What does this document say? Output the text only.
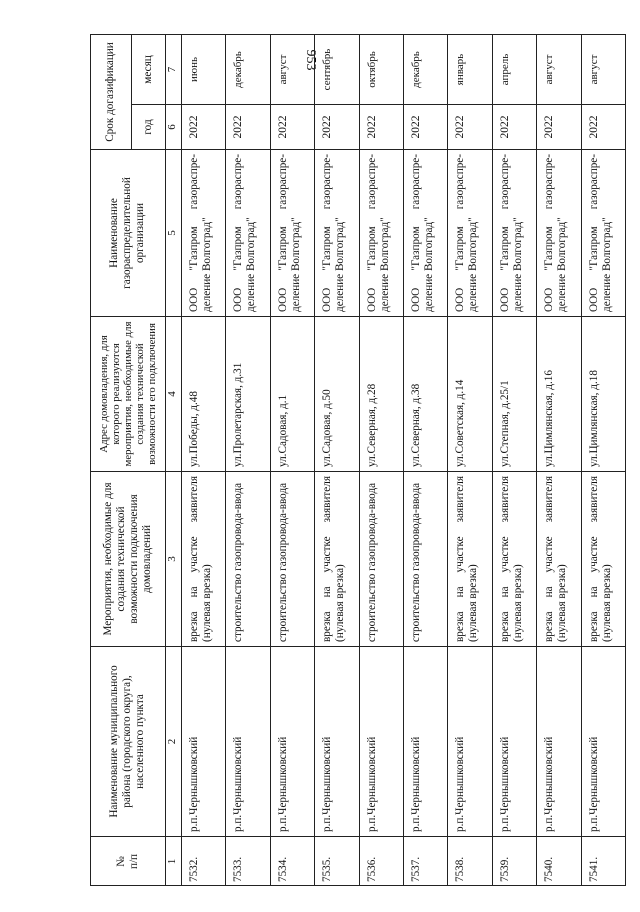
953
№
п/п
Наименование муниципального района (городского округа), населенного пункта
Мероприятия, необходимые для создания технической возможности подключения домовладений
Адрес домовладения, для которого реализуются мероприятия, необходимые для создания технической возможности его подключения
Наименование газораспределительной организации
Срок догазификации	год
месяц
1
2
3
4
5
6
7
7532.
р.п.Чернышковский
врезка на участке заявителя (нулевая врезка)
ул.Победы, д.48
ООО "Газпром газораспре-деление Волгоград"
2022
июнь
7533.
р.п.Чернышковский
строительство газопровода-ввода
ул.Пролетарская, д.31
ООО "Газпром газораспре-деление Волгоград"
2022
декабрь
7534.
р.п.Чернышковский
строительство газопровода-ввода
ул.Садовая, д.1
ООО "Газпром газораспре-деление Волгоград"
2022
август
7535.
р.п.Чернышковский
врезка на участке заявителя (нулевая врезка)
ул.Садовая, д.50
ООО "Газпром газораспре-деление Волгоград"
2022
сентябрь
7536.
р.п.Чернышковский
строительство газопровода-ввода
ул.Северная, д.28
ООО "Газпром газораспре-деление Волгоград"
2022
октябрь
7537.
р.п.Чернышковский
строительство газопровода-ввода
ул.Северная, д.38
ООО "Газпром газораспре-деление Волгоград"
2022
декабрь
7538.
р.п.Чернышковский
врезка на участке заявителя (нулевая врезка)
ул.Советская, д.14
ООО "Газпром газораспре-деление Волгоград"
2022
январь
7539.
р.п.Чернышковский
врезка на участке заявителя (нулевая врезка)
ул.Степная, д.25/1
ООО "Газпром газораспре-деление Волгоград"
2022
апрель
7540.
р.п.Чернышковский
врезка на участке заявителя (нулевая врезка)
ул.Цимлянская, д.16
ООО "Газпром газораспре-деление Волгоград"
2022
август
7541.
р.п.Чернышковский
врезка на участке заявителя (нулевая врезка)
ул.Цимлянская, д.18
ООО "Газпром газораспре-деление Волгоград"
2022
август
